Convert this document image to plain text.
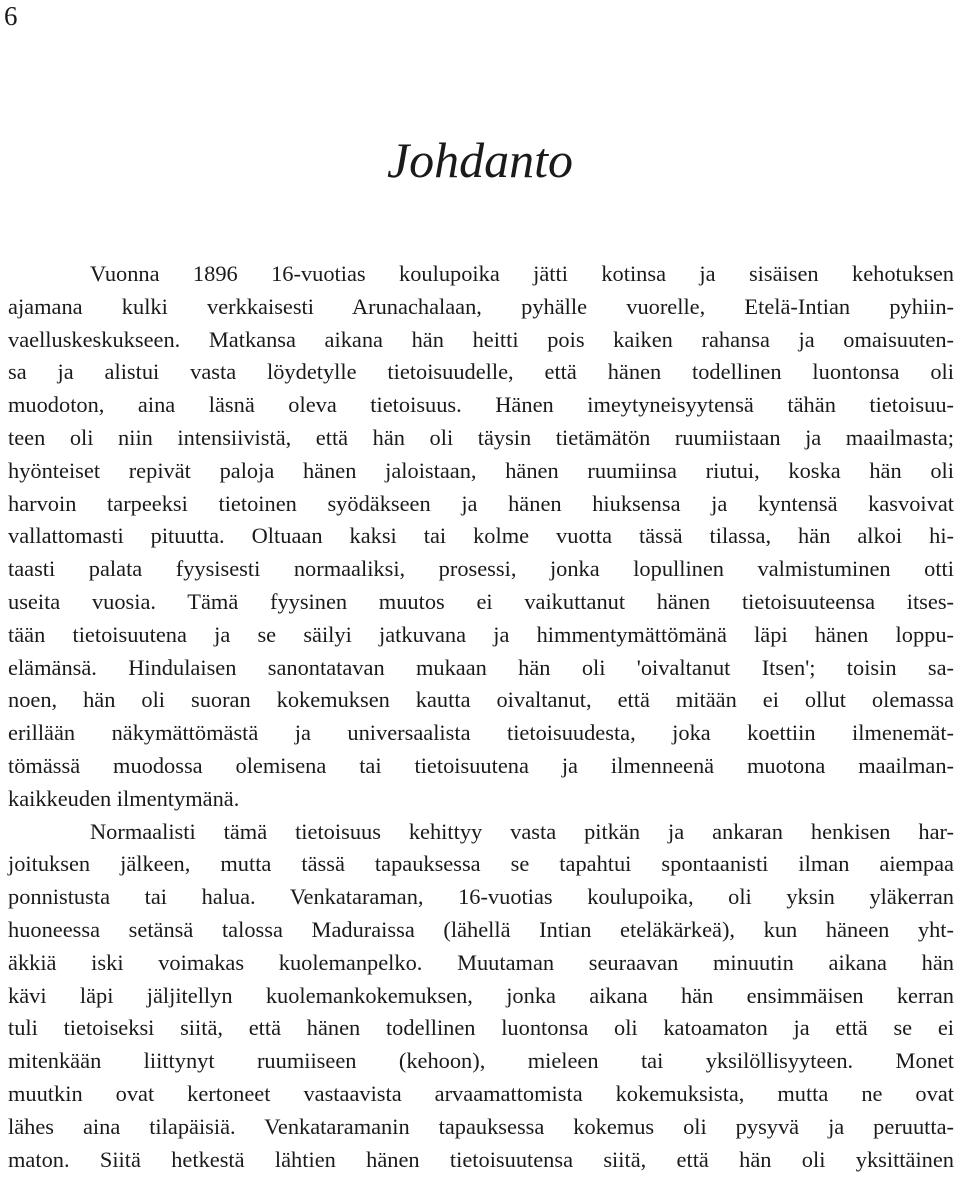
6
Johdanto
Vuonna 1896 16-vuotias koulupoika jätti kotinsa ja sisäisen kehotuksen
ajamana kulki verkkaisesti Arunachalaan, pyhälle vuorelle, Etelä-Intian pyhiin-
vaelluskeskukseen. Matkansa aikana hän heitti pois kaiken rahansa ja omaisuuten-
sa ja alistui vasta löydetylle tietoisuudelle, että hänen todellinen luontonsa oli
muodoton, aina läsnä oleva tietoisuus. Hänen imeytyneisyytensä tähän tietoisuu-
teen oli niin intensiivistä, että hän oli täysin tietämätön ruumiistaan ja maailmasta;
hyönteiset repivät paloja hänen jaloistaan, hänen ruumiinsa riutui, koska hän oli
harvoin tarpeeksi tietoinen syödäkseen ja hänen hiuksensa ja kyntensä kasvoivat
vallattomasti pituutta. Oltuaan kaksi tai kolme vuotta tässä tilassa, hän alkoi hi-
taasti palata fyysisesti normaaliksi, prosessi, jonka lopullinen valmistuminen otti
useita vuosia. Tämä fyysinen muutos ei vaikuttanut hänen tietoisuuteensa itses-
tään tietoisuutena ja se säilyi jatkuvana ja himmentymättömänä läpi hänen loppu-
elämänsä. Hindulaisen sanontatavan mukaan hän oli 'oivaltanut Itsen'; toisin sa-
noen, hän oli suoran kokemuksen kautta oivaltanut, että mitään ei ollut olemassa
erillään näkymättömästä ja universaalista tietoisuudesta, joka koettiin ilmenemät-
tömässä muodossa olemisena tai tietoisuutena ja ilmenneenä muotona maailman-
kaikkeuden ilmentymänä.
Normaalisti tämä tietoisuus kehittyy vasta pitkän ja ankaran henkisen har-
joituksen jälkeen, mutta tässä tapauksessa se tapahtui spontaanisti ilman aiempaa
ponnistusta tai halua. Venkataraman, 16-vuotias koulupoika, oli yksin yläkerran
huoneessa setänsä talossa Maduraissa (lähellä Intian eteläkärkeä), kun häneen yht-
äkkiä iski voimakas kuolemanpelko. Muutaman seuraavan minuutin aikana hän
kävi läpi jäljitellyn kuolemankokemuksen, jonka aikana hän ensimmäisen kerran
tuli tietoiseksi siitä, että hänen todellinen luontonsa oli katoamaton ja että se ei
mitenkään liittynyt ruumiiseen (kehoon), mieleen tai yksilöllisyyteen. Monet
muutkin ovat kertoneet vastaavista arvaamattomista kokemuksista, mutta ne ovat
lähes aina tilapäisiä. Venkataramanin tapauksessa kokemus oli pysyvä ja peruutta-
maton. Siitä hetkestä lähtien hänen tietoisuutensa siitä, että hän oli yksittäinen
